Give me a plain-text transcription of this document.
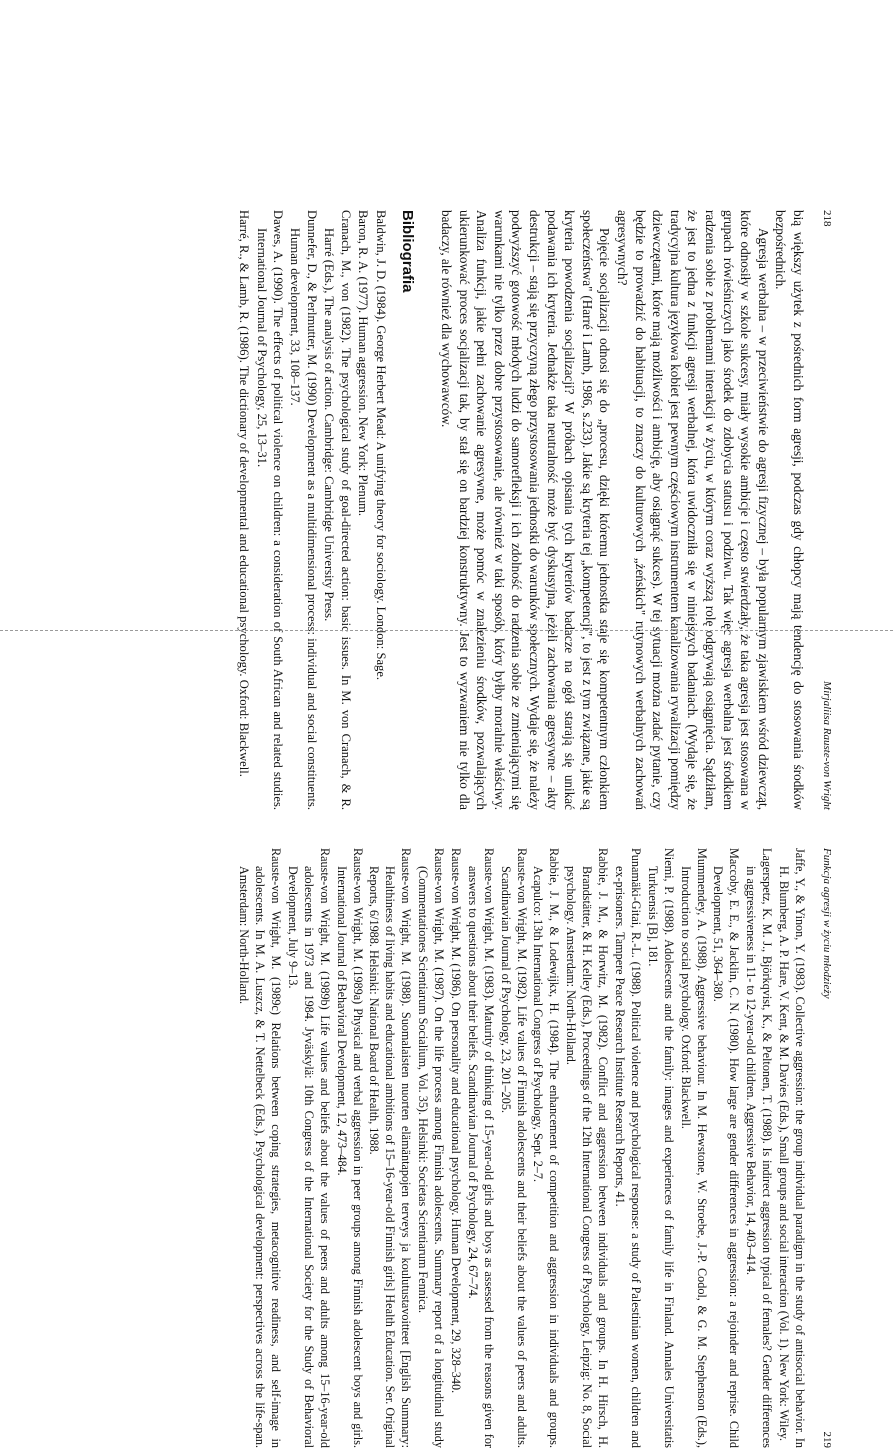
218
Mirjaliisa Rauste-von Wright

bią większy użytek z pośrednich form agresji, podczas gdy chłopcy mają tendencję do stosowania środków bezpośrednich.

Agresja werbalna – w przeciwieństwie do agresji fizycznej – była popularnym zjawiskiem wśród dziewcząt, które odnosiły w szkole sukcesy, miały wysokie ambicje i często stwierdzały, że taka agresja jest stosowana w grupach rówieśniczych jako środek do zdobycia statusu i podziwu. Tak więc agresja werbalna jest środkiem radzenia sobie z problemami interakcji w życiu, w którym coraz wyższą rolę odgrywają osiągnięcia. Sądziłam, że jest to jedna z funkcji agresji werbalnej, która uwidoczniła się w niniejszych badaniach. (Wydaje się, że tradycyjna kultura językowa kobiet jest pewnym częściowym instrumentem kanalizowania rywalizacji pomiędzy dziewczętami, które mają możliwości i ambicję, aby osiągnąć sukces). W tej sytuacji można zadać pytanie, czy będzie to prowadzić do habituacji, to znaczy do kulturowych „żeńskich" rutynowych werbalnych zachowań agresywnych?

Pojęcie socjalizacji odnosi się do „procesu, dzięki któremu jednostka staje się kompetentnym członkiem społeczeństwa" (Harré i Lamb, 1986, s.233). Jakie są kryteria tej „kompetencji", to jest z tym związane, jakie są kryteria powodzenia socjalizacji? W próbach opisania tych kryteriów badacze na ogół starają się unikać podawania ich kryteria. Jednakże taka neutralność może być dyskusyjna, jeżeli zachowania agresywne – akty destrukcji – stają się przyczyną złego przystosowania jednostki do warunków społecznych. Wydaje się, że należy podwyższyć gotowość młodych ludzi do samorefleksji i ich zdolność do radzenia sobie ze zmieniającymi się warunkami nie tylko przez dobre przystosowanie, ale również w taki sposób, który byłby moralnie właściwy. Analiza funkcji, jakie pełni zachowanie agresywne, może pomóc w znalezieniu środków, pozwalających ukierunkować proces socjalizacji tak, by stał się on bardziej konstruktywny. Jest to wyzwaniem nie tylko dla badaczy, ale również dla wychowawców.

Bibliografia
Baldwin, J. D. (1984). George Herbert Mead: A unifying theory for sociology. London: Sage.
Baron, R. A. (1977). Human aggression. New York: Plenum.
Cranach, M., von (1982). The psychological study of goal-directed action: basic issues. In M. von Cranach, & R. Harré (Eds.), The analysis of action. Cambridge: Cambridge University Press.
Dunnefer, D., & Perlmutter, M. (1990) Development as a multidimensional process: individual and social constituents. Human development, 33, 108–137.
Dawes, A. (1990). The effects of political violence on children: a consideration of South African and related studies. International Journal of Psychology, 25, 13–31.
Harré, R., & Lamb, R. (1986). The dictionary of developmental and educational psychology. Oxford: Blackwell.
Funkcja agresji w życiu młodzieży
219
Jaffe, Y., & Yinon, Y. (1983). Collective aggression: the group individual paradigm in the study of antisocial behavior. In H. Blumberg, A. P. Hare, V. Kent, & M. Davies (Eds.), Small groups and social interaction (Vol. 1). New York: Wiley.
Lagerspetz, K. M. J., Björkqvist, K., & Peltonen, T. (1988). Is indirect aggression typical of females? Gender differences in aggressiveness in 11- to 12-year-old children. Aggressive Behavior, 14, 403–414.
Maccoby, E. E., & Jacklin, C. N. (1980). How large are gender differences in aggression: a rejoinder and reprise. Child Development, 51, 364–380.
Mummendey, A. (1988). Aggressive behaviour. In M. Hewstone, W. Stroebe, J.-P. Codol, & G. M. Stephenson (Eds.), Introduction to social psychology. Oxford: Blackwell.
Niemi, P. (1988). Adolescents and the family: images and experiences of family life in Finland. Annales Universitatis Turkuensis [B], 181.
Punamäki-Gitai, R.-L. (1988). Political violence and psychological response: a study of Palestinian women, children and ex-prisoners. Tampere Peace Research Institute Research Reports, 41.
Rabbie, J. M., & Horwitz, M. (1982). Conflict and aggression between individuals and groups. In H. Hirsch, H. Brandstätter, & H. Kelley (Eds.), Proceedings of the 12th International Congress of Psychology, Leipzig: No. 8, Social psychology. Amsterdam: North-Holland.
Rabbie, J. M., & Lodewijkx, H. (1984). The enhancement of competition and aggression in individuals and groups. Acapulco: 13th International Congress of Psychology, Sept. 2–7.
Rauste-von Wright, M. (1982). Life values of Finnish adolescents and their beliefs about the values of peers and adults. Scandinavian Journal of Psychology, 23, 201–205.
Rauste-von Wright, M. (1983). Maturity of thinking of 15-year-old girls and boys as assessed from the reasons given for answers to questions about their beliefs. Scandinavian Journal of Psychology, 24, 67–74.
Rauste-von Wright, M. (1986). On personality and educational psychology. Human Development, 29, 328–340.
Rauste-von Wright, M. (1987). On the life process among Finnish adolescents. Summary report of a longitudinal study (Commentationes Scientiarum Socialium, Vol. 35). Helsinki: Societas Scientiarum Fennica.
Rauste-von Wright, M. (1988). Suomalaisten nuorten elämäntapojen terveys ja koulutustavoitteet [English Summary: Healthiness of living habits and educational ambitions of 15–16-year-old Finnish girls] Health Education. Ser. Original Reports, 6/1988. Helsinki: National Board of Health, 1988.
Rauste-von Wright, M. (1989a) Physical and verbal aggression in peer groups among Finnish adolescent boys and girls. International Journal of Behavioral Development, 12, 473–484.
Rauste-von Wright, M. (1989b) Life values and beliefs about the values of peers and adults among 15–16-year-old adolescents in 1973 and 1984. Jyväskylä: 10th Congress of the International Society for the Study of Behavioral Development, July 9–13.
Rauste-von Wright, M. (1989c) Relations between coping strategies, metacognitive readiness, and self-image in adolescents. In M. A. Luszcz, & T. Nettelbeck (Eds.), Psychological development: perspectives across the life-span. Amsterdam: North-Holland.
